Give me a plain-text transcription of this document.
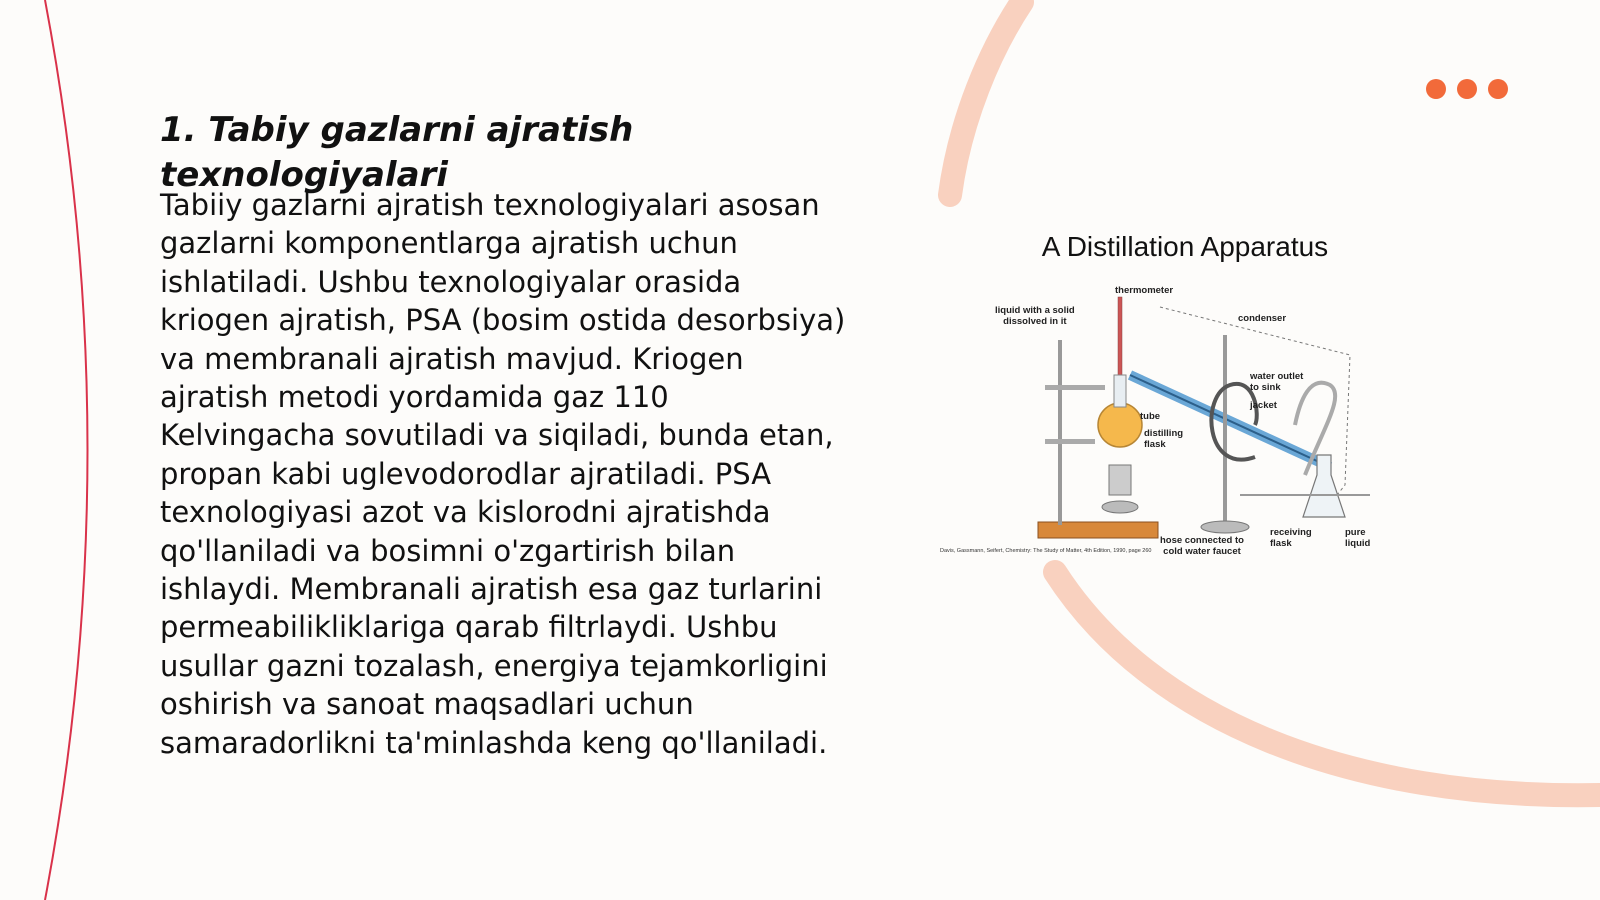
1. Tabiy gazlarni ajratish texnologiyalari

Tabiiy gazlarni ajratish texnologiyalari asosan gazlarni komponentlarga ajratish uchun ishlatiladi. Ushbu texnologiyalar orasida kriogen ajratish, PSA (bosim ostida desorbsiya) va membranali ajratish mavjud. Kriogen ajratish metodi yordamida gaz 110 Kelvingacha sovutiladi va siqiladi, bunda etan, propan kabi uglevodorodlar ajratiladi. PSA texnologiyasi azot va kislorodni ajratishda qo'llaniladi va bosimni o'zgartirish bilan ishlaydi. Membranali ajratish esa gaz turlarini permeabilikliklariga qarab filtrlaydi. Ushbu usullar gazni tozalash, energiya tejamkorligini oshirish va sanoat maqsadlari uchun samaradorlikni ta'minlashda keng qo'llaniladi.

A Distillation Apparatus
thermometer
liquid with a solid
dissolved in it	condenser
water outlet
to sink
jacket
tube
distilling
flask
hose connected to
cold water faucet
receiving
flask
pure
liquid
Davis, Gassmann, Seifert, Chemistry: The Study of Matter, 4th Edition, 1990, page 260
